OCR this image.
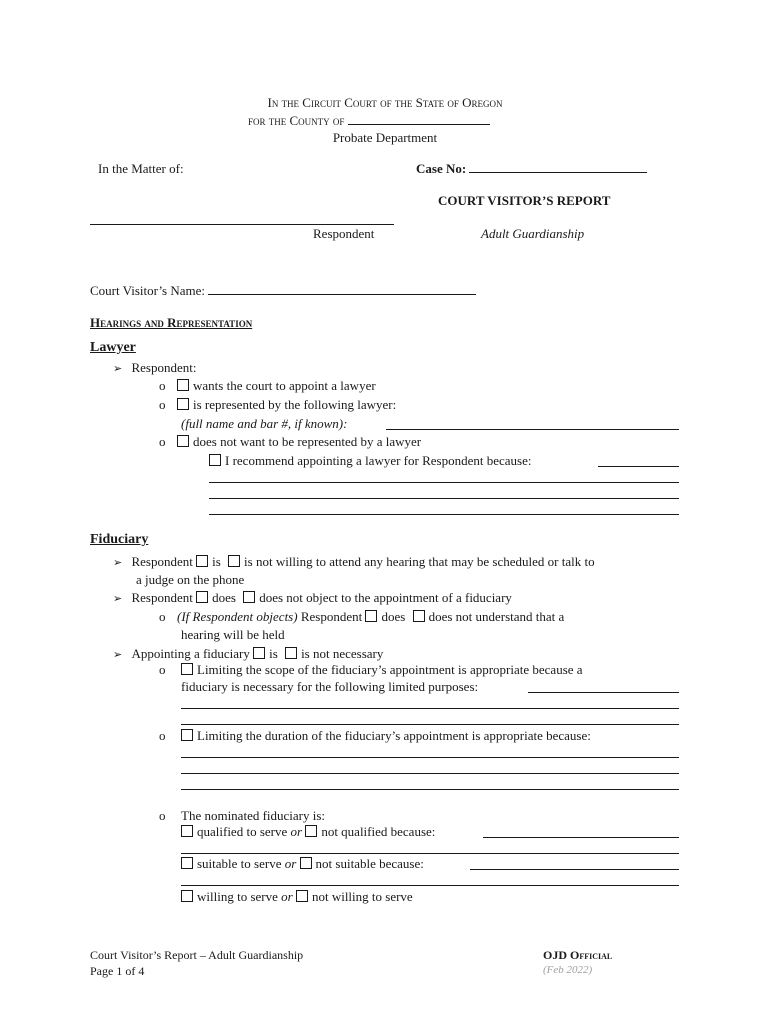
In the Circuit Court of the State of Oregon
for the County of
Probate Department
In the Matter of:	Case No:
COURT VISITOR’S REPORT
Respondent	Adult Guardianship
Court Visitor’s Name:
Hearings and Representation
Lawyer
➢ Respondent:
o	wants the court to appoint a lawyer
o	is represented by the following lawyer:
(full name and bar #, if known):
o	does not want to be represented by a lawyer
I recommend appointing a lawyer for Respondent because:
Fiduciary
➢ Respondent is is not willing to attend any hearing that may be scheduled or talk to
a judge on the phone
➢ Respondent does does not object to the appointment of a fiduciary
o (If Respondent objects) Respondent does does not understand that a
hearing will be held
➢ Appointing a fiduciary is is not necessary
o	Limiting the scope of the fiduciary’s appointment is appropriate because a
fiduciary is necessary for the following limited purposes:
o	Limiting the duration of the fiduciary’s appointment is appropriate because:
o The nominated fiduciary is:
qualified to serve or not qualified because:
suitable to serve or not suitable because:
willing to serve or not willing to serve
Court Visitor’s Report – Adult Guardianship
Page 1 of 4
OJD Official
(Feb 2022)
